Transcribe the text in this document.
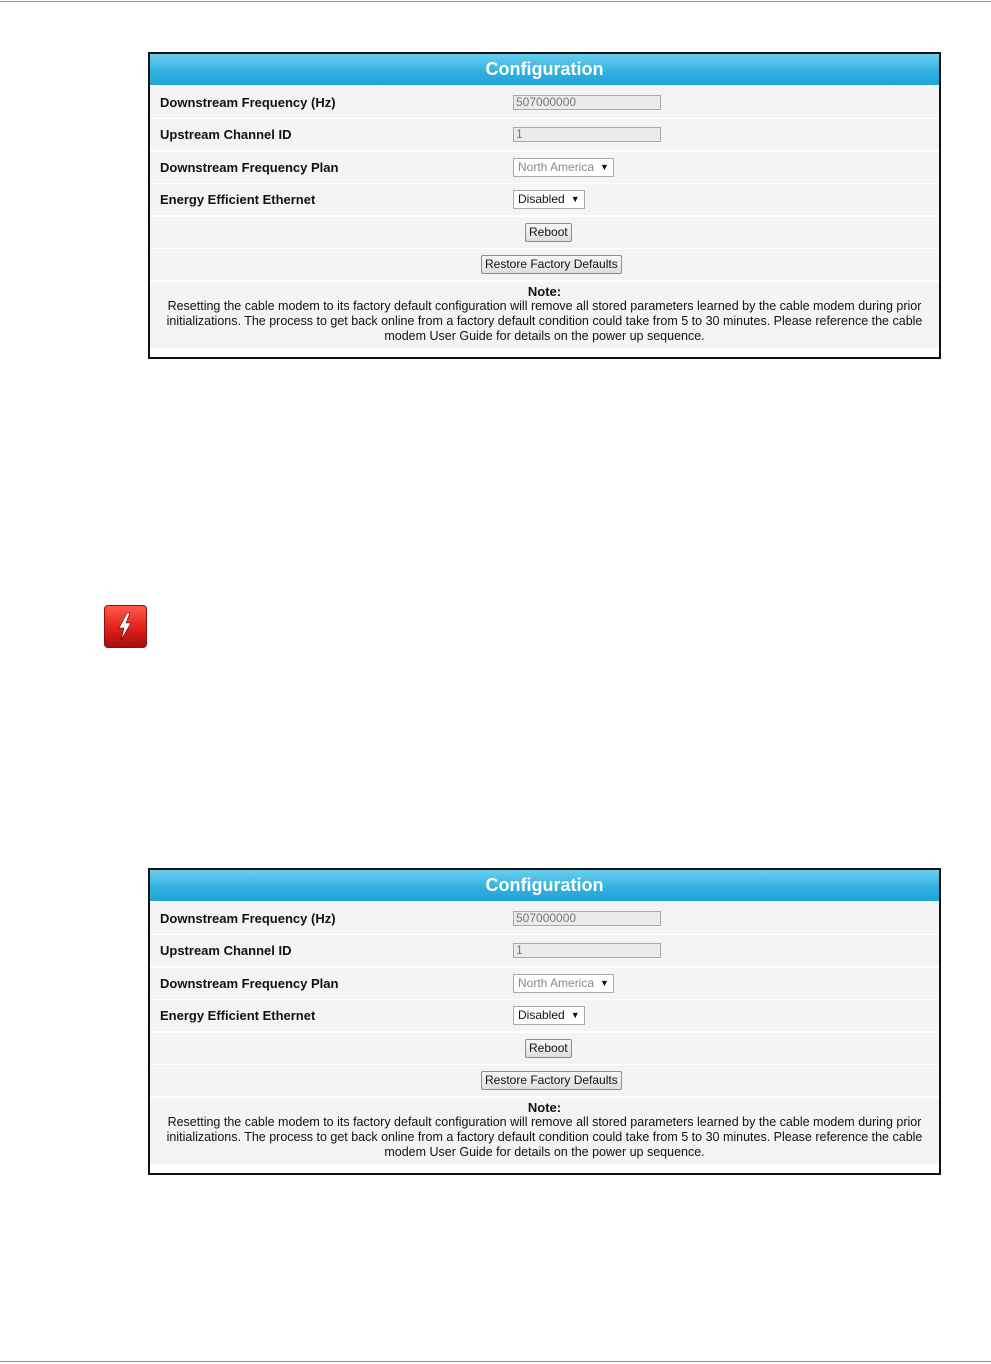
Configuration
Downstream Frequency (Hz)	507000000
Upstream Channel ID	1
Downstream Frequency Plan	North America ▼
Energy Efficient Ethernet	Disabled ▼
Reboot
Restore Factory Defaults
Note:
Resetting the cable modem to its factory default configuration will remove all stored parameters learned by the cable modem during prior initializations. The process to get back online from a factory default condition could take from 5 to 30 minutes. Please reference the cable modem User Guide for details on the power up sequence.
Configuration
Downstream Frequency (Hz)	507000000
Upstream Channel ID	1
Downstream Frequency Plan	North America ▼
Energy Efficient Ethernet	Disabled ▼
Reboot
Restore Factory Defaults
Note:
Resetting the cable modem to its factory default configuration will remove all stored parameters learned by the cable modem during prior initializations. The process to get back online from a factory default condition could take from 5 to 30 minutes. Please reference the cable modem User Guide for details on the power up sequence.
